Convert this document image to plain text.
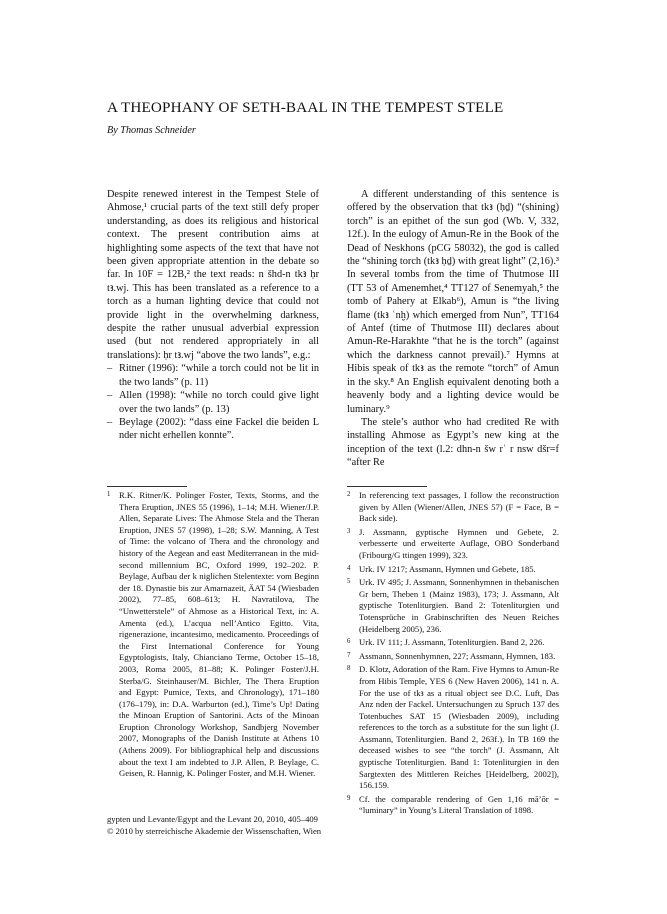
A THEOPHANY OF SETH-BAAL IN THE TEMPEST STELE
By Thomas Schneider

Despite renewed interest in the Tempest Stele of Ahmose,¹ crucial parts of the text still defy proper understanding, as does its religious and historical context. The present contribution aims at highlighting some aspects of the text that have not been given appropriate attention in the debate so far. In 10F = 12B,² the text reads: n šhd-n tkꜣ ḥr tꜣ.wj. This has been translated as a reference to a torch as a human lighting device that could not provide light in the overwhelming darkness, despite the rather unusual adverbial expression used (but not rendered appropriately in all translations): ḥr tꜣ.wj “above the two lands”, e.g.:

– Ritner (1996): “while a torch could not be lit in the two lands” (p. 11)
– Allen (1998): “while no torch could give light over the two lands” (p. 13)
– Beylage (2002): “dass eine Fackel die beiden L nder nicht erhellen konnte”.

A different understanding of this sentence is offered by the observation that tkꜣ (ḥḏ) “(shining) torch” is an epithet of the sun god (Wb. V, 332, 12f.). In the eulogy of Amun-Re in the Book of the Dead of Neskhons (pCG 58032), the god is called the “shining torch (tkꜣ ḥḏ) with great light” (2,16).³ In several tombs from the time of Thutmose III (TT 53 of Amenemhet,⁴ TT127 of Senemyah,⁵ the tomb of Pahery at Elkab⁶), Amun is “the living flame (tkꜣ ʿnḫ) which emerged from Nun”, TT164 of Antef (time of Thutmose III) declares about Amun-Re-Harakhte “that he is the torch” (against which the darkness cannot prevail).⁷ Hymns at Hibis speak of tkꜣ as the remote “torch” of Amun in the sky.⁸ An English equivalent denoting both a heavenly body and a lighting device would be luminary.⁹

The stele’s author who had credited Re with installing Ahmose as Egypt’s new king at the inception of the text (l.2: dhn-n šw rʿ r nsw dšr=f “after Re

1 R.K. Ritner/K. Polinger Foster, Texts, Storms, and the Thera Eruption, JNES 55 (1996), 1–14; M.H. Wiener/J.P. Allen, Separate Lives: The Ahmose Stela and the Theran Eruption, JNES 57 (1998), 1–28; S.W. Manning, A Test of Time: the volcano of Thera and the chronology and history of the Aegean and east Mediterranean in the mid-second millennium BC, Oxford 1999, 192–202. P. Beylage, Aufbau der k niglichen Stelentexte: vom Beginn der 18. Dynastie bis zur Amarnazeit, ÄAT 54 (Wiesbaden 2002), 77–85, 608–613; H. Navratilova, The “Unwetterstele” of Ahmose as a Historical Text, in: A. Amenta (ed.), L’acqua nell’Antico Egitto. Vita, rigenerazione, incantesimo, medicamento. Proceedings of the First International Conference for Young Egyptologists, Italy, Chianciano Terme, October 15–18, 2003, Roma 2005, 81–88; K. Polinger Foster/J.H. Sterba/G. Steinhauser/M. Bichler, The Thera Eruption and Egypt: Pumice, Texts, and Chronology), 171–180 (176–179), in: D.A. Warburton (ed.), Time’s Up! Dating the Minoan Eruption of Santorini. Acts of the Minoan Eruption Chronology Workshop, Sandbjerg November 2007, Monographs of the Danish Institute at Athens 10 (Athens 2009). For bibliographical help and discussions about the text I am indebted to J.P. Allen, P. Beylage, C. Geisen, R. Hannig, K. Polinger Foster, and M.H. Wiener.
2 In referencing text passages, I follow the reconstruction given by Allen (Wiener/Allen, JNES 57) (F = Face, B = Back side).
3 J. Assmann, gyptische Hymnen und Gebete, 2. verbesserte und erweiterte Auflage, OBO Sonderband (Fribourg/G ttingen 1999), 323.
4 Urk. IV 1217; Assmann, Hymnen und Gebete, 185.
5 Urk. IV 495; J. Assmann, Sonnenhymnen in thebanischen Gr bern, Theben 1 (Mainz 1983), 173; J. Assmann, Alt gyptische Totenliturgien. Band 2: Totenliturgien und Totensprüche in Grabinschriften des Neuen Reiches (Heidelberg 2005), 236.
6 Urk. IV 111; J. Assmann, Totenliturgien. Band 2, 226.
7 Assmann, Sonnenhymnen, 227; Assmann, Hymnen, 183.
8 D. Klotz, Adoration of the Ram. Five Hymns to Amun-Re from Hibis Temple, YES 6 (New Haven 2006), 141 n. A. For the use of tkꜣ as a ritual object see D.C. Luft, Das Anz nden der Fackel. Untersuchungen zu Spruch 137 des Totenbuches SAT 15 (Wiesbaden 2009), including references to the torch as a substitute for the sun light (J. Assmann, Totenliturgien. Band 2, 263f.). In TB 169 the deceased wishes to see “the torch” (J. Assmann, Alt gyptische Totenliturgien. Band 1: Totenliturgien in den Sargtexten des Mittleren Reiches [Heidelberg, 2002]), 156.159.
9 Cf. the comparable rendering of Gen 1,16 mā’ōr = “luminary” in Young’s Literal Translation of 1898.
gypten und Levante/Egypt and the Levant 20, 2010, 405–409
© 2010 by sterreichische Akademie der Wissenschaften, Wien
